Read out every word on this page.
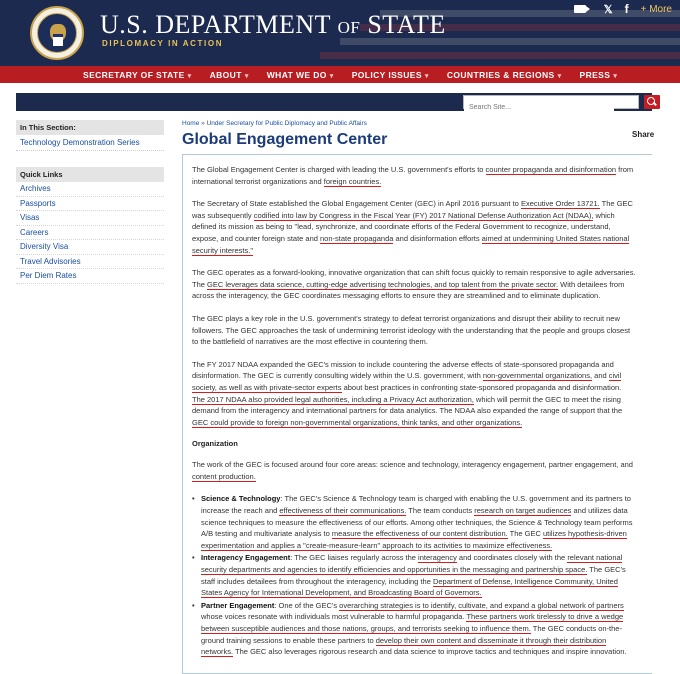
U.S. DEPARTMENT OF STATE
DIPLOMACY IN ACTION
𝕏 f + More
SECRETARY OF STATE ▾ ABOUT ▾ WHAT WE DO ▾ POLICY ISSUES ▾ COUNTRIES & REGIONS ▾ PRESS ▾
Search Site...
In This Section:
Technology Demonstration Series
Quick Links
Archives
Passports
Visas
Careers
Diversity Visa
Travel Advisories
Per Diem Rates
Home » Under Secretary for Public Diplomacy and Public Affairs
Global Engagement Center	Share

The Global Engagement Center is charged with leading the U.S. government's efforts to counter propaganda and disinformation from international terrorist organizations and foreign countries.

The Secretary of State established the Global Engagement Center (GEC) in April 2016 pursuant to Executive Order 13721. The GEC was subsequently codified into law by Congress in the Fiscal Year (FY) 2017 National Defense Authorization Act (NDAA), which defined its mission as being to "lead, synchronize, and coordinate efforts of the Federal Government to recognize, understand, expose, and counter foreign state and non-state propaganda and disinformation efforts aimed at undermining United States national security interests."

The GEC operates as a forward-looking, innovative organization that can shift focus quickly to remain responsive to agile adversaries. The GEC leverages data science, cutting-edge advertising technologies, and top talent from the private sector. With detailees from across the interagency, the GEC coordinates messaging efforts to ensure they are streamlined and to eliminate duplication.

The GEC plays a key role in the U.S. government's strategy to defeat terrorist organizations and disrupt their ability to recruit new followers. The GEC approaches the task of undermining terrorist ideology with the understanding that the people and groups closest to the battlefield of narratives are the most effective in countering them.

The FY 2017 NDAA expanded the GEC's mission to include countering the adverse effects of state-sponsored propaganda and disinformation. The GEC is currently consulting widely within the U.S. government, with non-governmental organizations, and civil society, as well as with private-sector experts about best practices in confronting state-sponsored propaganda and disinformation. The 2017 NDAA also provided legal authorities, including a Privacy Act authorization, which will permit the GEC to meet the rising demand from the interagency and international partners for data analytics. The NDAA also expanded the range of support that the GEC could provide to foreign non-governmental organizations, think tanks, and other organizations.

Organization

The work of the GEC is focused around four core areas: science and technology, interagency engagement, partner engagement, and content production.

• Science & Technology: The GEC's Science & Technology team is charged with enabling the U.S. government and its partners to increase the reach and effectiveness of their communications. The team conducts research on target audiences and utilizes data science techniques to measure the effectiveness of our efforts. Among other techniques, the Science & Technology team performs A/B testing and multivariate analysis to measure the effectiveness of our content distribution. The GEC utilizes hypothesis-driven experimentation and applies a "create-measure-learn" approach to its activities to maximize effectiveness.
• Interagency Engagement: The GEC liaises regularly across the interagency and coordinates closely with the relevant national security departments and agencies to identify efficiencies and opportunities in the messaging and partnership space. The GEC's staff includes detailees from throughout the interagency, including the Department of Defense, Intelligence Community, United States Agency for International Development, and Broadcasting Board of Governors.
• Partner Engagement: One of the GEC's overarching strategies is to identify, cultivate, and expand a global network of partners whose voices resonate with individuals most vulnerable to harmful propaganda. These partners work tirelessly to drive a wedge between susceptible audiences and those nations, groups, and terrorists seeking to influence them. The GEC conducts on-the-ground training sessions to enable these partners to develop their own content and disseminate it through their distribution networks. The GEC also leverages rigorous research and data science to improve tactics and techniques and inspire innovation.
